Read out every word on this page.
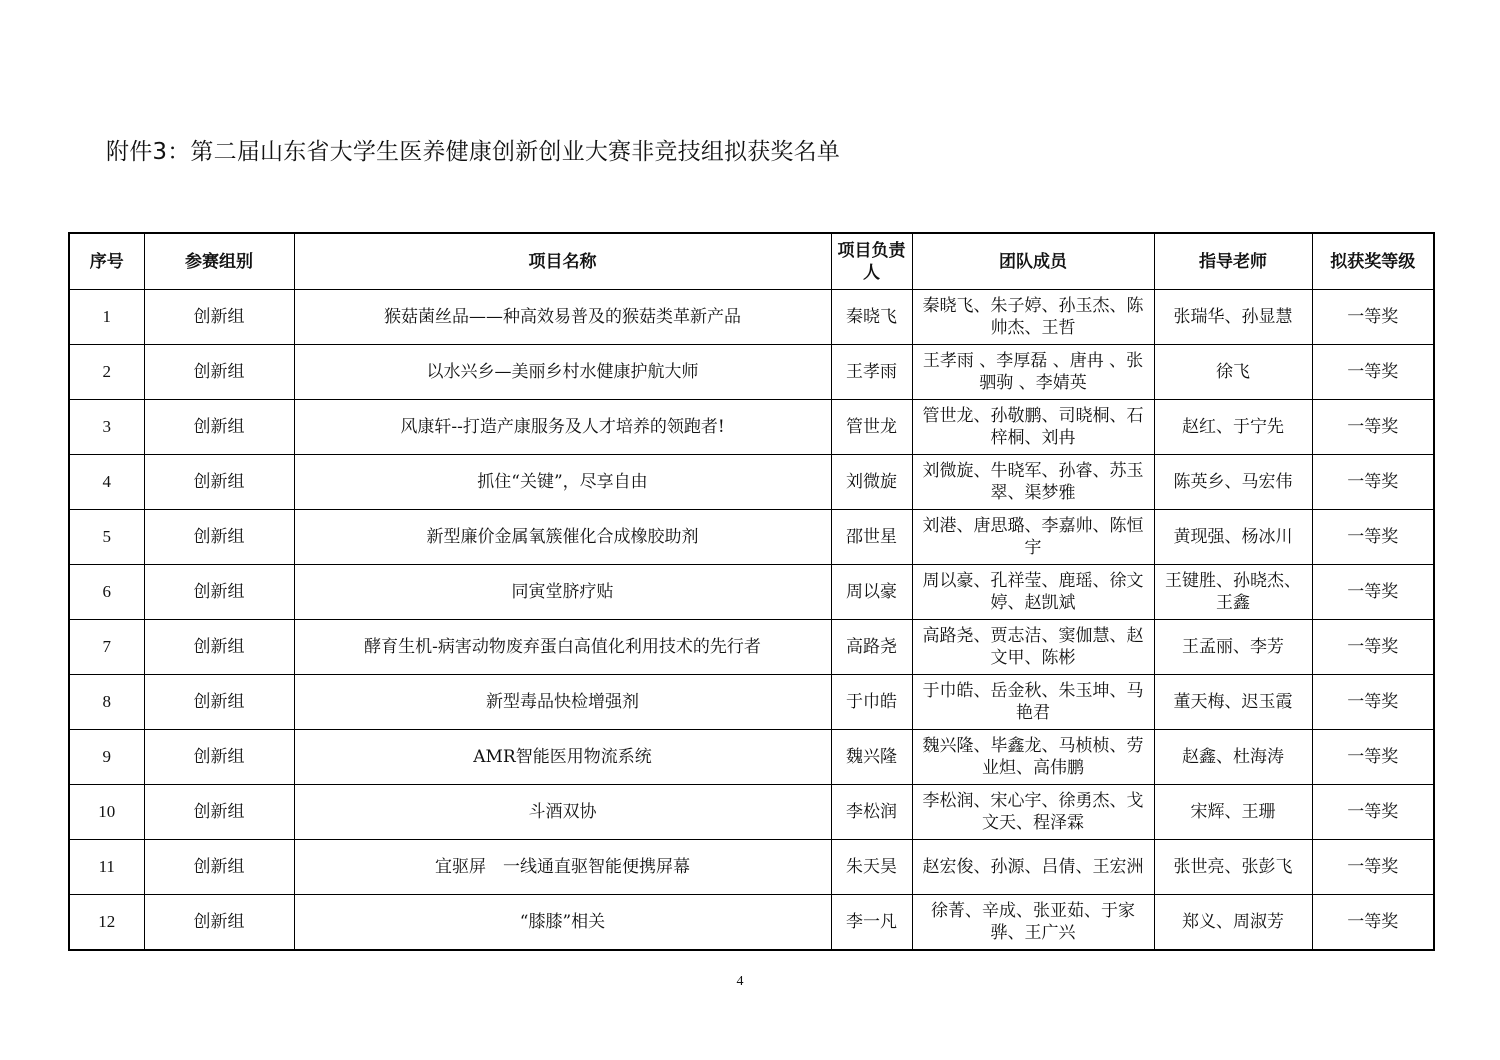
附件3：第二届山东省大学生医养健康创新创业大赛非竞技组拟获奖名单
序号	参赛组别	项目名称	项目负责人	团队成员	指导老师	拟获奖等级
1	创新组	猴菇菌丝品——种高效易普及的猴菇类革新产品	秦晓飞	秦晓飞、朱子婷、孙玉杰、陈帅杰、王哲	张瑞华、孙显慧	一等奖
2	创新组	以水兴乡—美丽乡村水健康护航大师	王孝雨	王孝雨 、李厚磊 、唐冉 、张驷驹 、李婧英	徐飞	一等奖
3	创新组	风康轩--打造产康服务及人才培养的领跑者!	管世龙	管世龙、孙敬鹏、司晓桐、石梓桐、刘冉	赵红、于宁先	一等奖
4	创新组	抓住“关键”，尽享自由	刘微旋	刘微旋、牛晓军、孙睿、苏玉翠、渠梦雅	陈英乡、马宏伟	一等奖
5	创新组	新型廉价金属氧簇催化合成橡胶助剂	邵世星	刘港、唐思璐、李嘉帅、陈恒宇	黄现强、杨冰川	一等奖
6	创新组	同寅堂脐疗贴	周以豪	周以豪、孔祥莹、鹿瑶、徐文婷、赵凯斌	王键胜、孙晓杰、王鑫	一等奖
7	创新组	酵育生机-病害动物废弃蛋白高值化利用技术的先行者	高路尧	高路尧、贾志洁、窦伽慧、赵文甲、陈彬	王孟丽、李芳	一等奖
8	创新组	新型毒品快检增强剂	于巾皓	于巾皓、岳金秋、朱玉坤、马艳君	董天梅、迟玉霞	一等奖
9	创新组	AMR智能医用物流系统	魏兴隆	魏兴隆、毕鑫龙、马桢桢、劳业炟、高伟鹏	赵鑫、杜海涛	一等奖
10	创新组	斗酒双协	李松润	李松润、宋心宇、徐勇杰、戈文天、程泽霖	宋辉、王珊	一等奖
11	创新组	宜驱屏　一线通直驱智能便携屏幕	朱天昊	赵宏俊、孙源、吕倩、王宏洲	张世亮、张彭飞	一等奖
12	创新组	“膝膝”相关	李一凡	徐菁、辛成、张亚茹、于家骅、王广兴	郑义、周淑芳	一等奖
4
